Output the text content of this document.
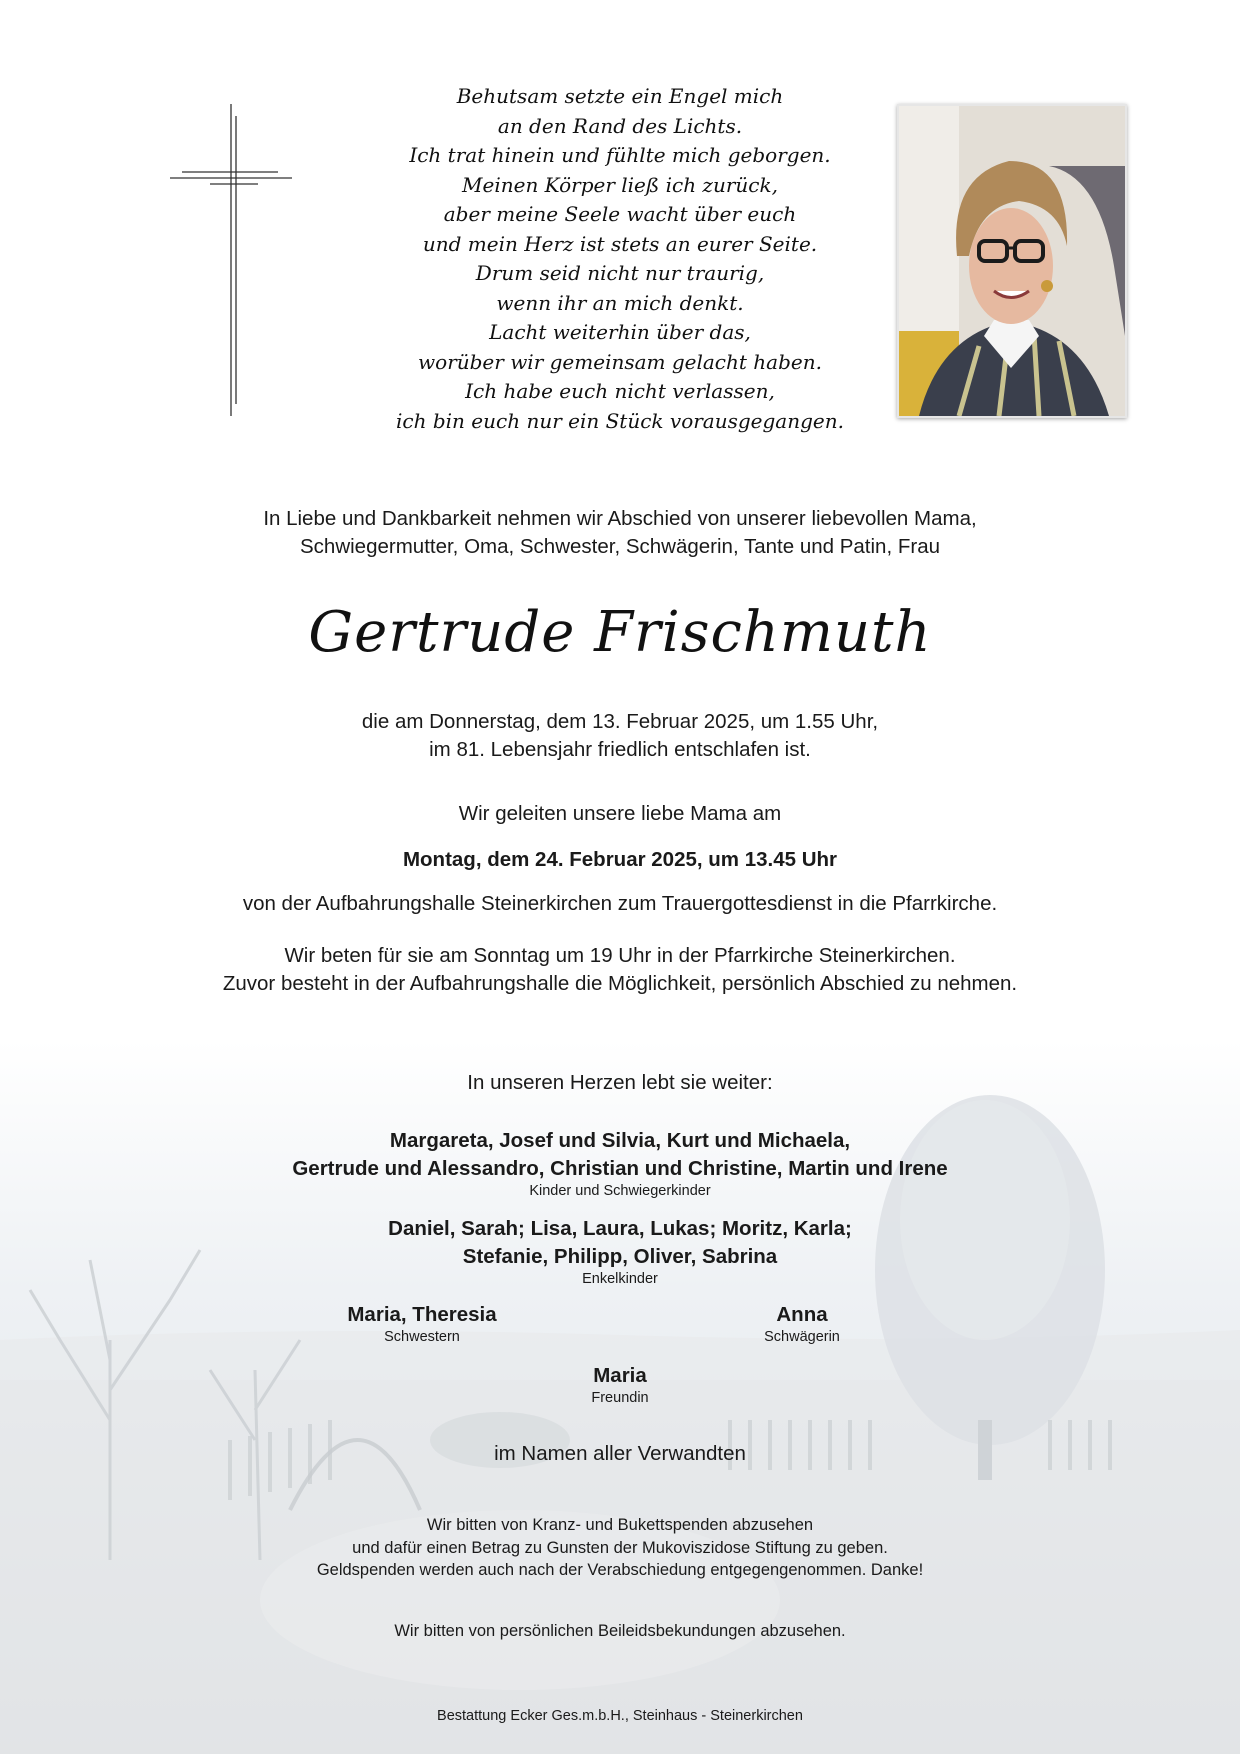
Behutsam setzte ein Engel mich
an den Rand des Lichts.
Ich trat hinein und fühlte mich geborgen.
Meinen Körper ließ ich zurück,
aber meine Seele wacht über euch
und mein Herz ist stets an eurer Seite.
Drum seid nicht nur traurig,
wenn ihr an mich denkt.
Lacht weiterhin über das,
worüber wir gemeinsam gelacht haben.
Ich habe euch nicht verlassen,
ich bin euch nur ein Stück vorausgegangen.
In Liebe und Dankbarkeit nehmen wir Abschied von unserer liebevollen Mama,
Schwiegermutter, Oma, Schwester, Schwägerin, Tante und Patin, Frau
Gertrude Frischmuth
die am Donnerstag, dem 13. Februar 2025, um 1.55 Uhr,
im 81. Lebensjahr friedlich entschlafen ist.
Wir geleiten unsere liebe Mama am
Montag, dem 24. Februar 2025, um 13.45 Uhr
von der Aufbahrungshalle Steinerkirchen zum Trauergottesdienst in die Pfarrkirche.
Wir beten für sie am Sonntag um 19 Uhr in der Pfarrkirche Steinerkirchen.
Zuvor besteht in der Aufbahrungshalle die Möglichkeit, persönlich Abschied zu nehmen.
In unseren Herzen lebt sie weiter:
Margareta, Josef und Silvia, Kurt und Michaela,
Gertrude und Alessandro, Christian und Christine, Martin und Irene
Kinder und Schwiegerkinder
Daniel, Sarah; Lisa, Laura, Lukas; Moritz, Karla;
Stefanie, Philipp, Oliver, Sabrina
Enkelkinder
Maria, Theresia
Schwestern
Anna
Schwägerin
Maria
Freundin
im Namen aller Verwandten
Wir bitten von Kranz- und Bukettspenden abzusehen
und dafür einen Betrag zu Gunsten der Mukoviszidose Stiftung zu geben.
Geldspenden werden auch nach der Verabschiedung entgegengenommen. Danke!
Wir bitten von persönlichen Beileidsbekundungen abzusehen.
Bestattung Ecker Ges.m.b.H., Steinhaus - Steinerkirchen
